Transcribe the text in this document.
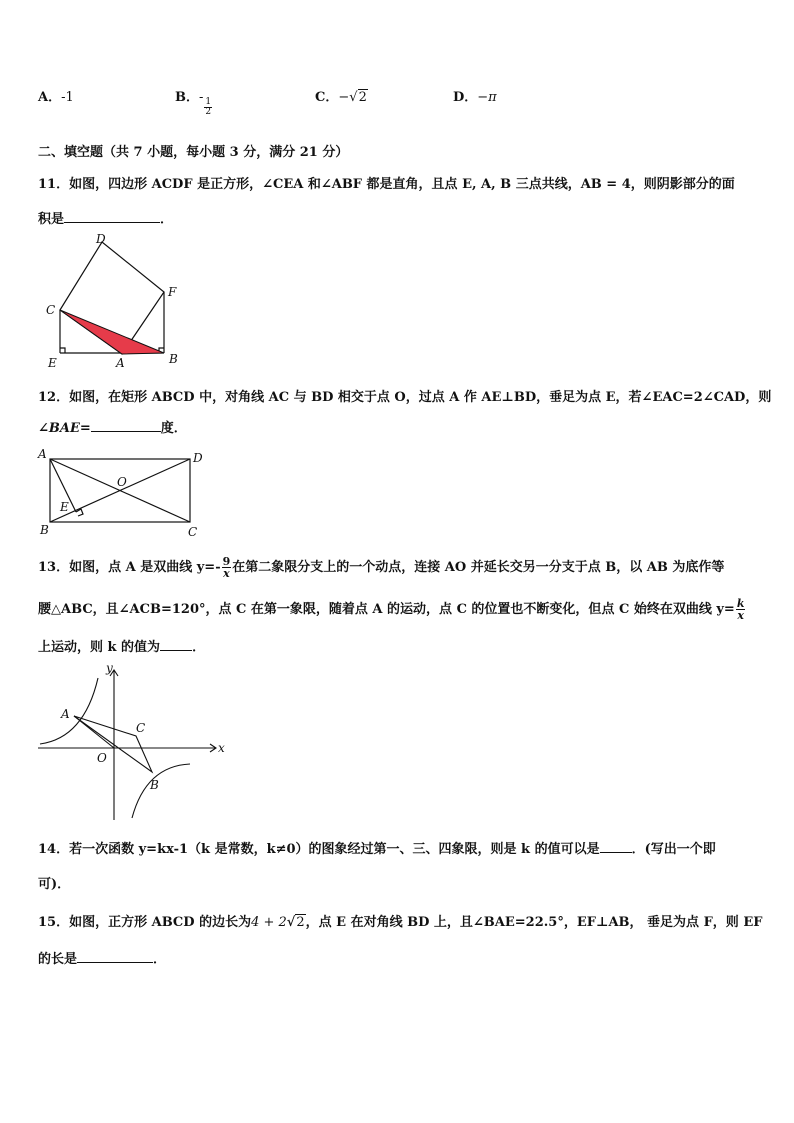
A．-1	B．-
$\frac{1}{2}$
C．−√2	D．−π
二、填空题（共 7 小题，每小题 3 分，满分 21 分）
11．如图，四边形 ACDF 是正方形，∠CEA 和∠ABF 都是直角，且点 E, A, B 三点共线，AB = 4，则阴影部分的面
积是	．
D
F
C
E	A	B
12．如图，在矩形 ABCD 中，对角线 AC 与 BD 相交于点 O，过点 A 作 AE⊥BD，垂足为点 E，若∠EAC=2∠CAD，则
∠BAE=	度．
A	D
O
E
B	C
13．如图，点 A 是双曲线 $y=- \frac{9}{x}$ 在第二象限分支上的一个动点，连接 AO 并延长交另一分支于点 B，以 AB 为底作等
腰△ABC，且∠ACB=120°，点 C 在第一象限，随着点 A 的运动，点 C 的位置也不断变化，但点 C 始终在双曲线 $y= \frac{k}{x}$
上运动，则 k 的值为 ．
y
x
O
A
B
C
14．若一次函数 y=kx-1（k 是常数，k≠0）的图象经过第一、三、四象限，则是 k 的值可以是 ．(写出一个即
可)．
15．如图，正方形 ABCD 的边长为4 + 2√2，点 E 在对角线 BD 上，且∠BAE=22.5°，EF⊥AB， 垂足为点 F，则 EF
的长是	．
